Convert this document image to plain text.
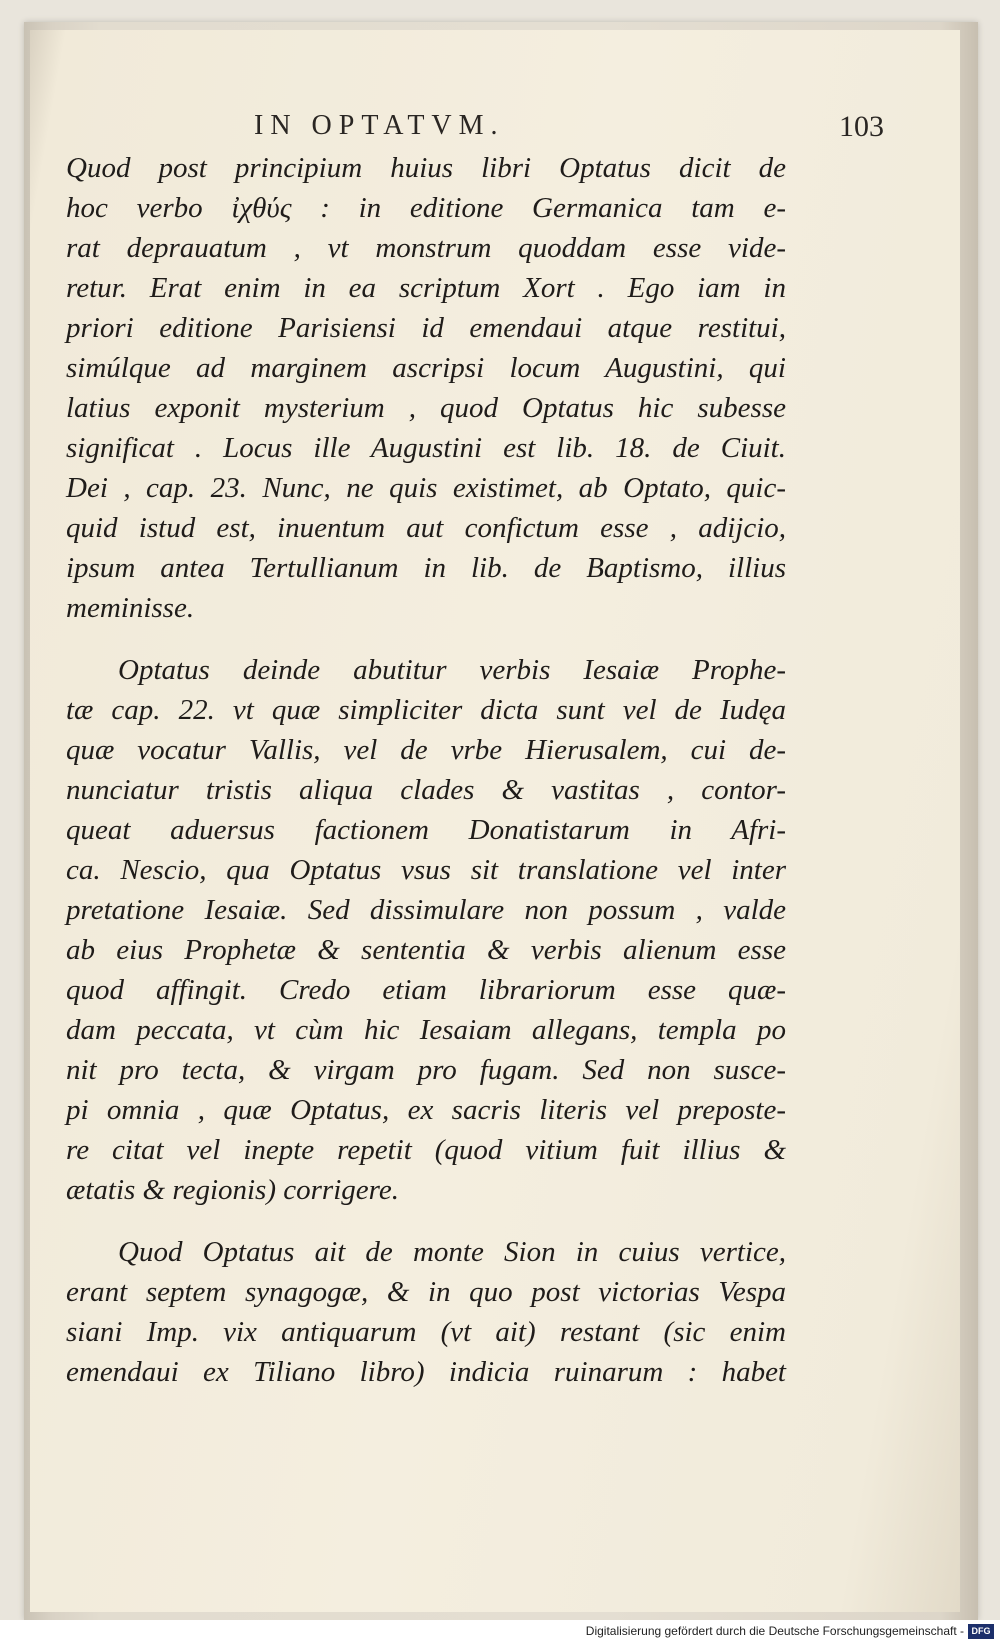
IN OPTATVM.	103
Quod post principium huius libri Optatus dicit de
hoc verbo ἰχθύς : in editione Germanica tam e-
rat deprauatum , vt monstrum quoddam esse vide-
retur. Erat enim in ea scriptum Xort . Ego iam in
priori editione Parisiensi id emendaui atque restitui,
simúlque ad marginem ascripsi locum Augustini, qui
latius exponit mysterium , quod Optatus hic subesse
significat . Locus ille Augustini est lib. 18. de Ciuit.
Dei , cap. 23. Nunc, ne quis existimet, ab Optato, quic-
quid istud est, inuentum aut confictum esse , adijcio,
ipsum antea Tertullianum in lib. de Baptismo, illius
meminisse.
Optatus deinde abutitur verbis Iesaiæ Prophe-
tæ cap. 22. vt quæ simpliciter dicta sunt vel de Iudęa
quæ vocatur Vallis, vel de vrbe Hierusalem, cui de-
nunciatur tristis aliqua clades & vastitas , contor-
queat aduersus factionem Donatistarum in Afri-
ca. Nescio, qua Optatus vsus sit translatione vel inter
pretatione Iesaiæ. Sed dissimulare non possum , valde
ab eius Prophetæ & sententia & verbis alienum esse
quod affingit. Credo etiam librariorum esse quæ-
dam peccata, vt cùm hic Iesaiam allegans, templa po
nit pro tecta, & virgam pro fugam. Sed non susce-
pi omnia , quæ Optatus, ex sacris literis vel preposte-
re citat vel inepte repetit (quod vitium fuit illius &
ætatis & regionis) corrigere.
Quod Optatus ait de monte Sion in cuius vertice,
erant septem synagogæ, & in quo post victorias Vespa
siani Imp. vix antiquarum (vt ait) restant (sic enim
emendaui ex Tiliano libro) indicia ruinarum : habet
Digitalisierung gefördert durch die Deutsche Forschungsgemeinschaft - DFG
